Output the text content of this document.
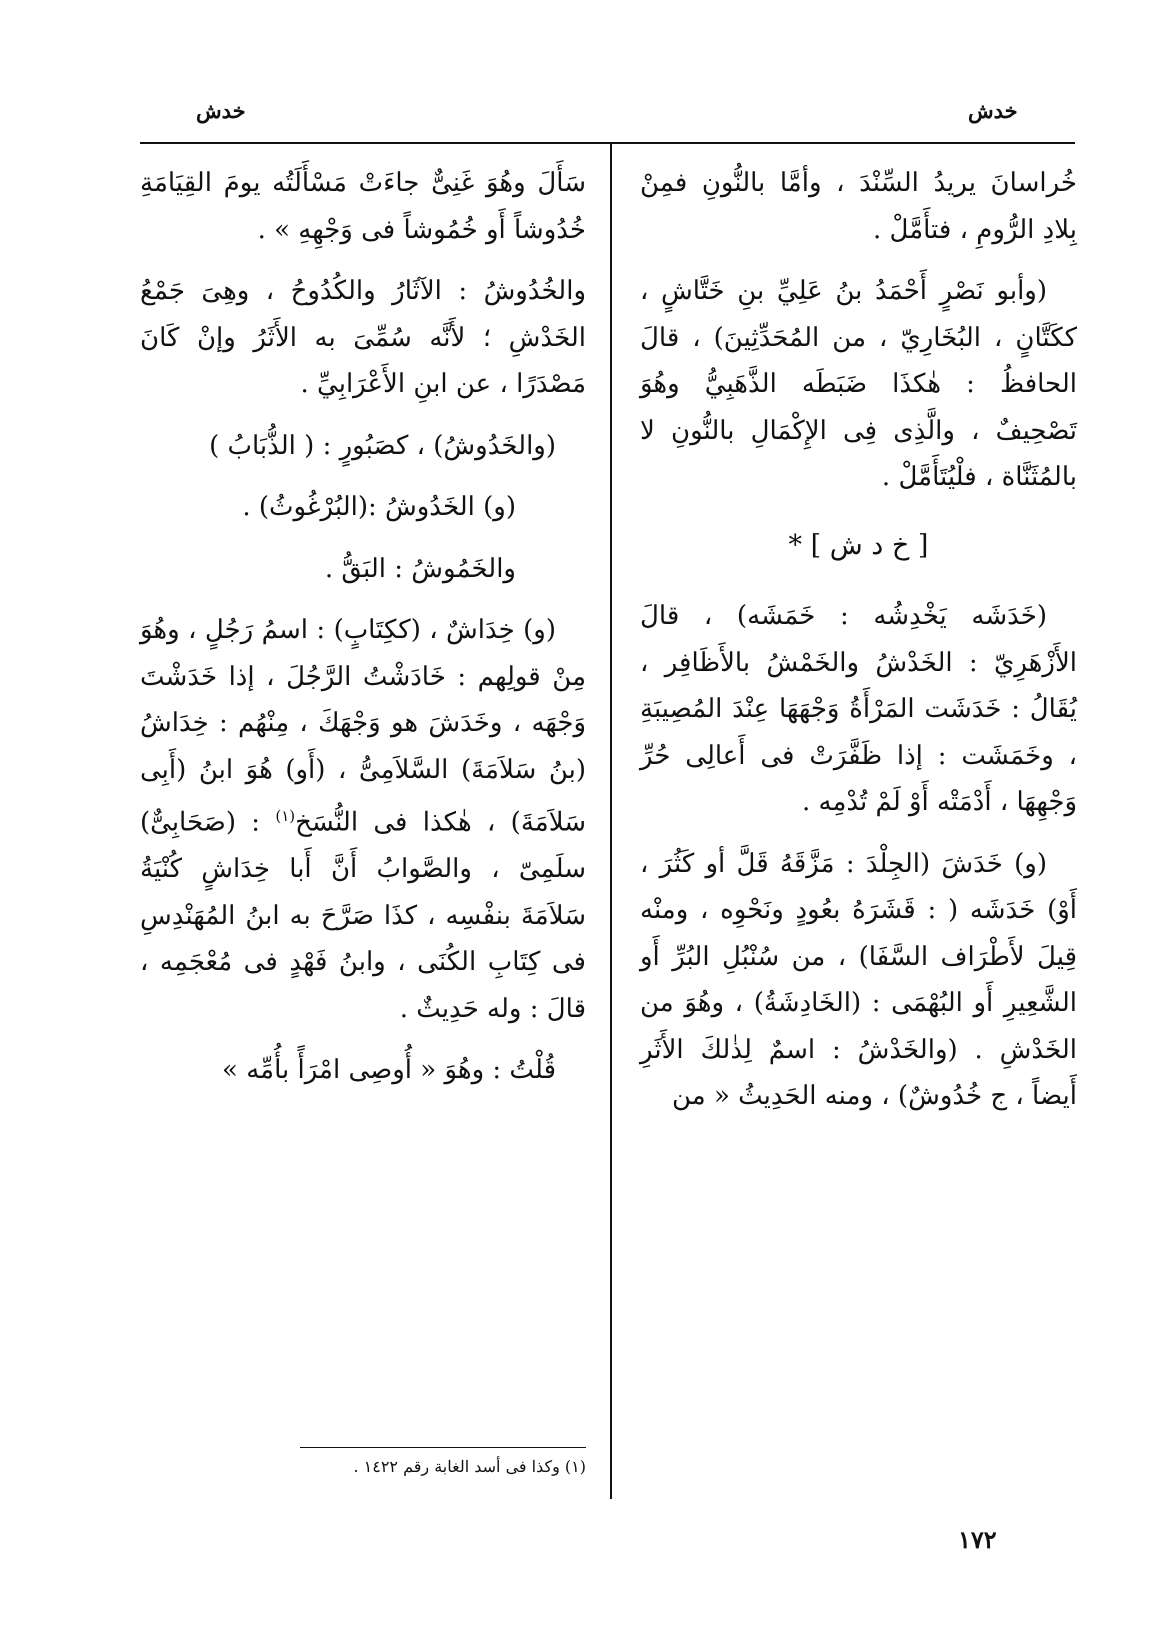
خدش
خدش

خُراسانَ يريدُ السِّنْدَ ، وأمَّا بالنُّونِ فمِنْ بِلادِ الرُّومِ ، فتأَمَّلْ .

(وأبو نَصْرٍ أَحْمَدُ بنُ عَلِيِّ بنِ خَتَّاشٍ ، ككَتَّانٍ ، البُخَارِيّ ، من المُحَدِّثِينَ) ، قالَ الحافظُ : هٰكذَا ضَبَطَه الذَّهَبِيُّ وهُوَ تَصْحِيفٌ ، والَّذِى فِى الإِكْمَالِ بالنُّونِ لا بالمُثَنَّاة ، فلْيُتَأَمَّلْ .

[ خ د ش ] *

(خَدَشَه يَخْدِشُه : خَمَشَه) ، قالَ الأَزْهَرِيّ : الخَدْشُ والخَمْشُ بالأَظَافِر ، يُقَالُ : خَدَشَت المَرْأَةُ وَجْهَهَا عِنْدَ المُصِيبَةِ ، وخَمَشَت : إذا ظَفَّرَتْ فى أَعالِى حُرِّ وَجْهِهَا ، أَدْمَتْه أَوْ لَمْ تُدْمِه .

(و) خَدَشَ (الجِلْدَ : مَزَّقَهُ قَلَّ أو كَثُرَ ، أَوْ) خَدَشَه ( : قَشَرَهُ بعُودٍ ونَحْوِه ، ومنْه قِيلَ لأَطْرَاف السَّفَا) ، من سُنْبُلِ البُرِّ أَو الشَّعِيرِ أَو البُهْمَى : (الخَادِشَةُ) ، وهُوَ من الخَدْشِ . (والخَدْشُ : اسمٌ لِذٰلكَ الأَثَرِ أَيضاً ، ج خُدُوشٌ) ، ومنه الحَدِيثُ « من

سَأَلَ وهُوَ غَنِىٌّ جاءَتْ مَسْأَلَتُه يومَ القِيَامَةِ خُدُوشاً أَو خُمُوشاً فى وَجْهِهِ » .

والخُدُوشُ : الآثَارُ والكُدُوحُ ، وهِىَ جَمْعُ الخَدْشِ ؛ لأَنَّه سُمِّىَ به الأَثَرُ وإنْ كَانَ مَصْدَرًا ، عن ابنِ الأَعْرَابِيِّ .

(والخَدُوشُ) ، كصَبُورٍ : ( الذُّبَابُ )

(و) الخَدُوشُ :(البُرْغُوثُ) .

والخَمُوشُ : البَقُّ .

(و) خِدَاشٌ ، (ككِتَابٍ) : اسمُ رَجُلٍ ، وهُوَ مِنْ قولِهم : خَادَشْتُ الرَّجُلَ ، إذا خَدَشْتَ وَجْهَه ، وخَدَشَ هو وَجْهَكَ ، مِنْهُم : خِدَاشُ (بنُ سَلاَمَةَ) السَّلاَمِىُّ ، (أَو) هُوَ ابنُ (أَبِى سَلاَمَةَ) ، هٰكذا فى النُّسَخ$^{(١)}$ : (صَحَابِىٌّ) سلَمِىّ ، والصَّوابُ أَنَّ أَبا خِدَاشٍ كُنْيَةُ سَلاَمَةَ بنفْسِه ، كذَا صَرَّحَ به ابنُ المُهَنْدِسِ فى كِتَابِ الكُنَى ، وابنُ فَهْدٍ فى مُعْجَمِه ، قالَ : وله حَدِيثٌ .

قُلْتُ : وهُوَ « أُوصِى امْرَأً بأُمِّه »

(١) وكذا فى أسد الغابة رقم ١٤٢٢ .
١٧٢
